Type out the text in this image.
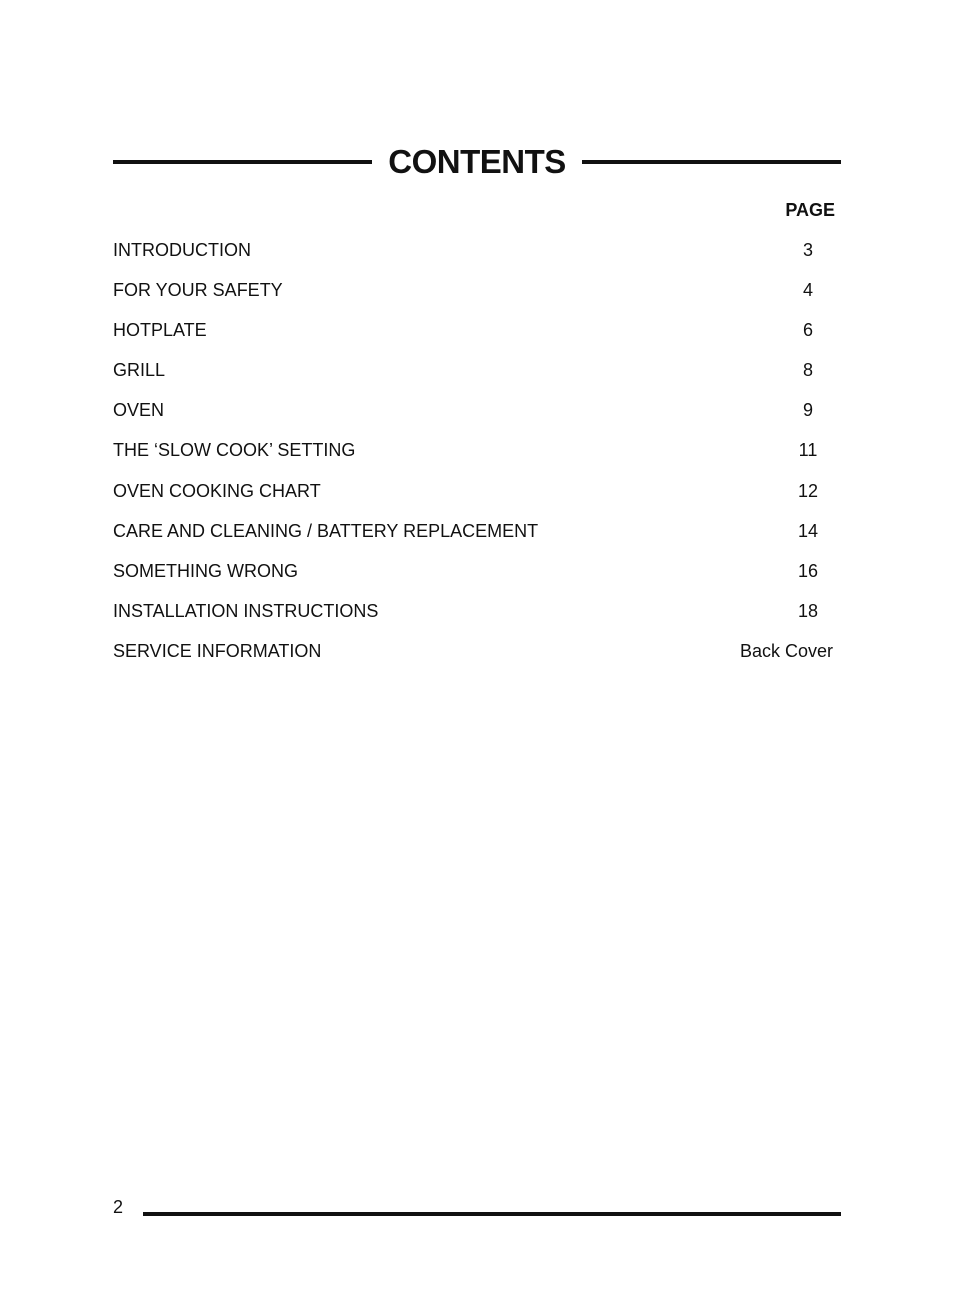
CONTENTS
PAGE
INTRODUCTION	3
FOR YOUR SAFETY	4
HOTPLATE	6
GRILL	8
OVEN	9
THE ‘SLOW COOK’ SETTING	11
OVEN COOKING CHART	12
CARE AND CLEANING / BATTERY REPLACEMENT	14
SOMETHING WRONG	16
INSTALLATION INSTRUCTIONS	18
SERVICE INFORMATION	Back Cover
2
